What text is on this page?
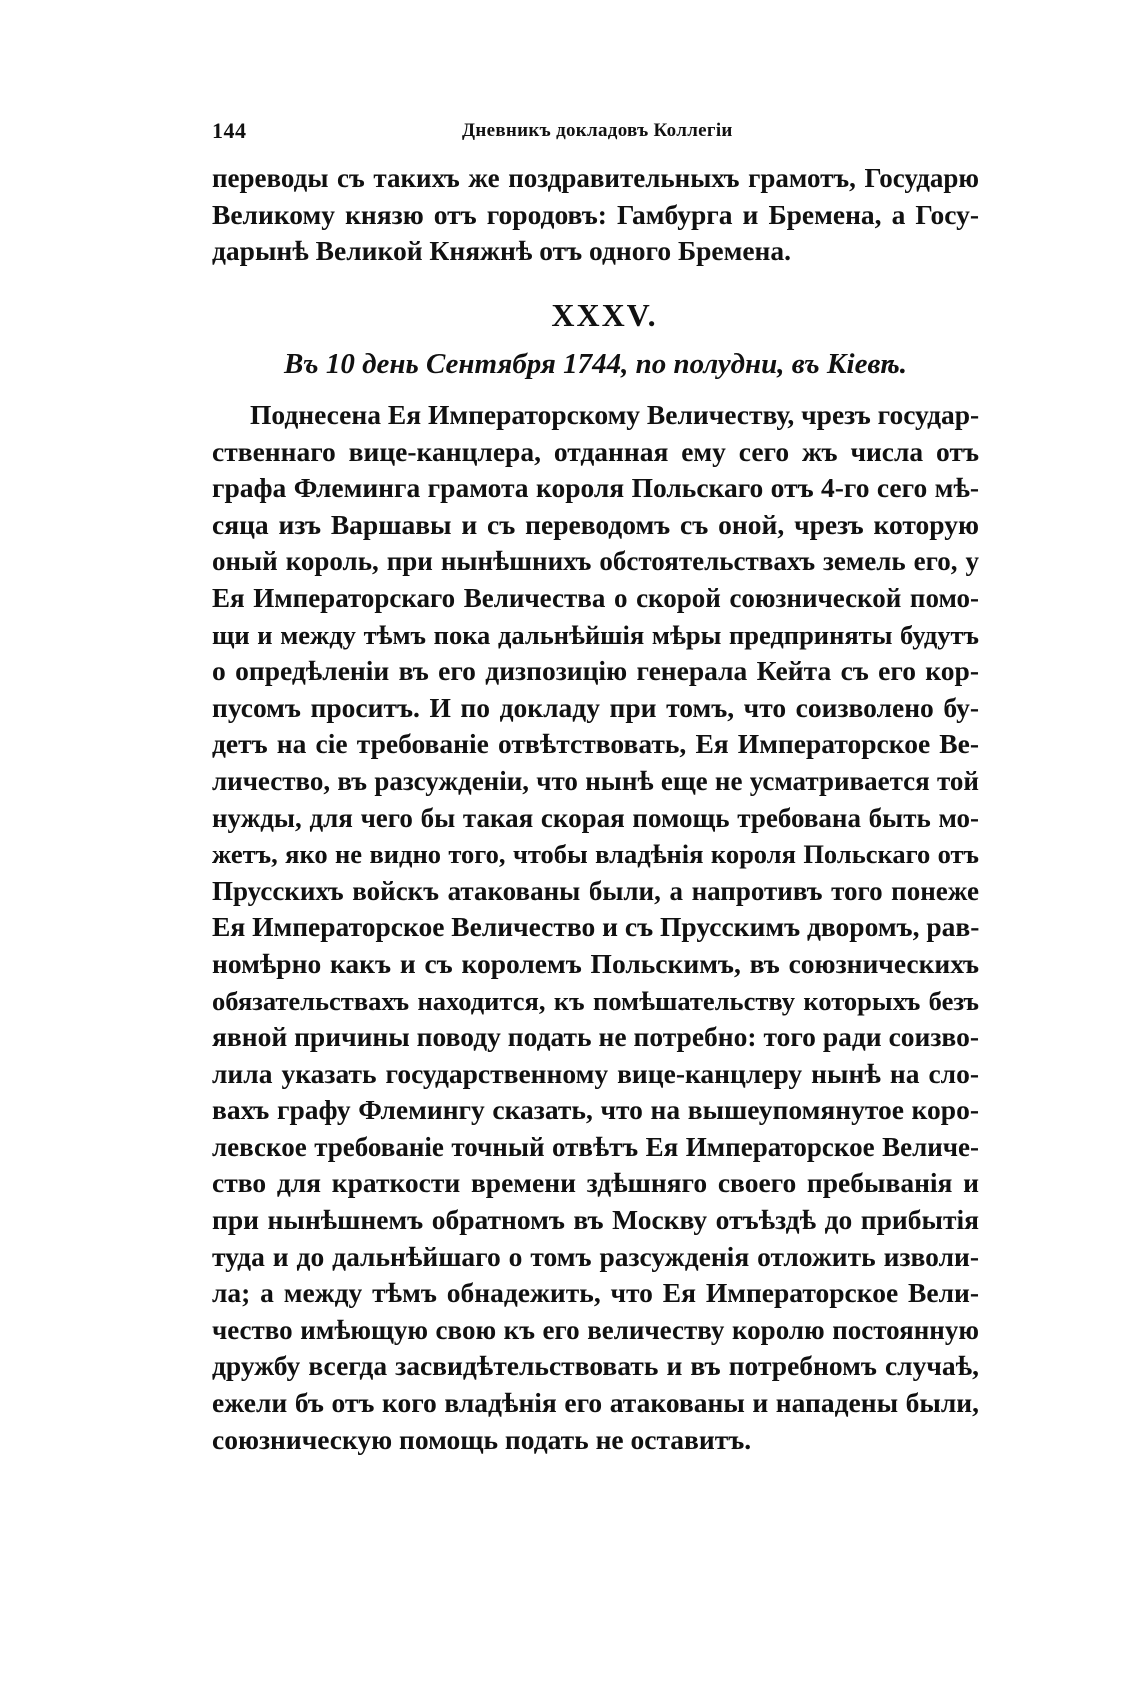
144	Дневникъ докладовъ Коллегіи
переводы съ такихъ же поздравительныхъ грамотъ, Государю
Великому князю отъ городовъ: Гамбурга и Бремена, а Госу-
дарынѣ Великой Княжнѣ отъ одного Бремена.
XXXV.
Въ 10 день Сентября 1744, по полудни, въ Кіевѣ.
Поднесена Ея Императорскому Величеству, чрезъ государ-
ственнаго вице-канцлера, отданная ему сего жъ числа отъ
графа Флеминга грамота короля Польскаго отъ 4-го сего мѣ-
сяца изъ Варшавы и съ переводомъ съ оной, чрезъ которую
оный король, при нынѣшнихъ обстоятельствахъ земель его, у
Ея Императорскаго Величества о скорой союзнической помо-
щи и между тѣмъ пока дальнѣйшія мѣры предприняты будутъ
о опредѣленіи въ его дизпозицію генерала Кейта съ его кор-
пусомъ проситъ. И по докладу при томъ, что соизволено бу-
детъ на сіе требованіе отвѣтствовать, Ея Императорское Ве-
личество, въ разсужденіи, что нынѣ еще не усматривается той
нужды, для чего бы такая скорая помощь требована быть мо-
жетъ, яко не видно того, чтобы владѣнія короля Польскаго отъ
Прусскихъ войскъ атакованы были, а напротивъ того понеже
Ея Императорское Величество и съ Прусскимъ дворомъ, рав-
номѣрно какъ и съ королемъ Польскимъ, въ союзническихъ
обязательствахъ находится, къ помѣшательству которыхъ безъ
явной причины поводу подать не потребно: того ради соизво-
лила указать государственному вице-канцлеру нынѣ на сло-
вахъ графу Флемингу сказать, что на вышеупомянутое коро-
левское требованіе точный отвѣтъ Ея Императорское Величе-
ство для краткости времени здѣшняго своего пребыванія и
при нынѣшнемъ обратномъ въ Москву отъѣздѣ до прибытія
туда и до дальнѣйшаго о томъ разсужденія отложить изволи-
ла; а между тѣмъ обнадежить, что Ея Императорское Вели-
чество имѣющую свою къ его величеству королю постоянную
дружбу всегда засвидѣтельствовать и въ потребномъ случаѣ,
ежели бъ отъ кого владѣнія его атакованы и нападены были,
союзническую помощь подать не оставитъ.
